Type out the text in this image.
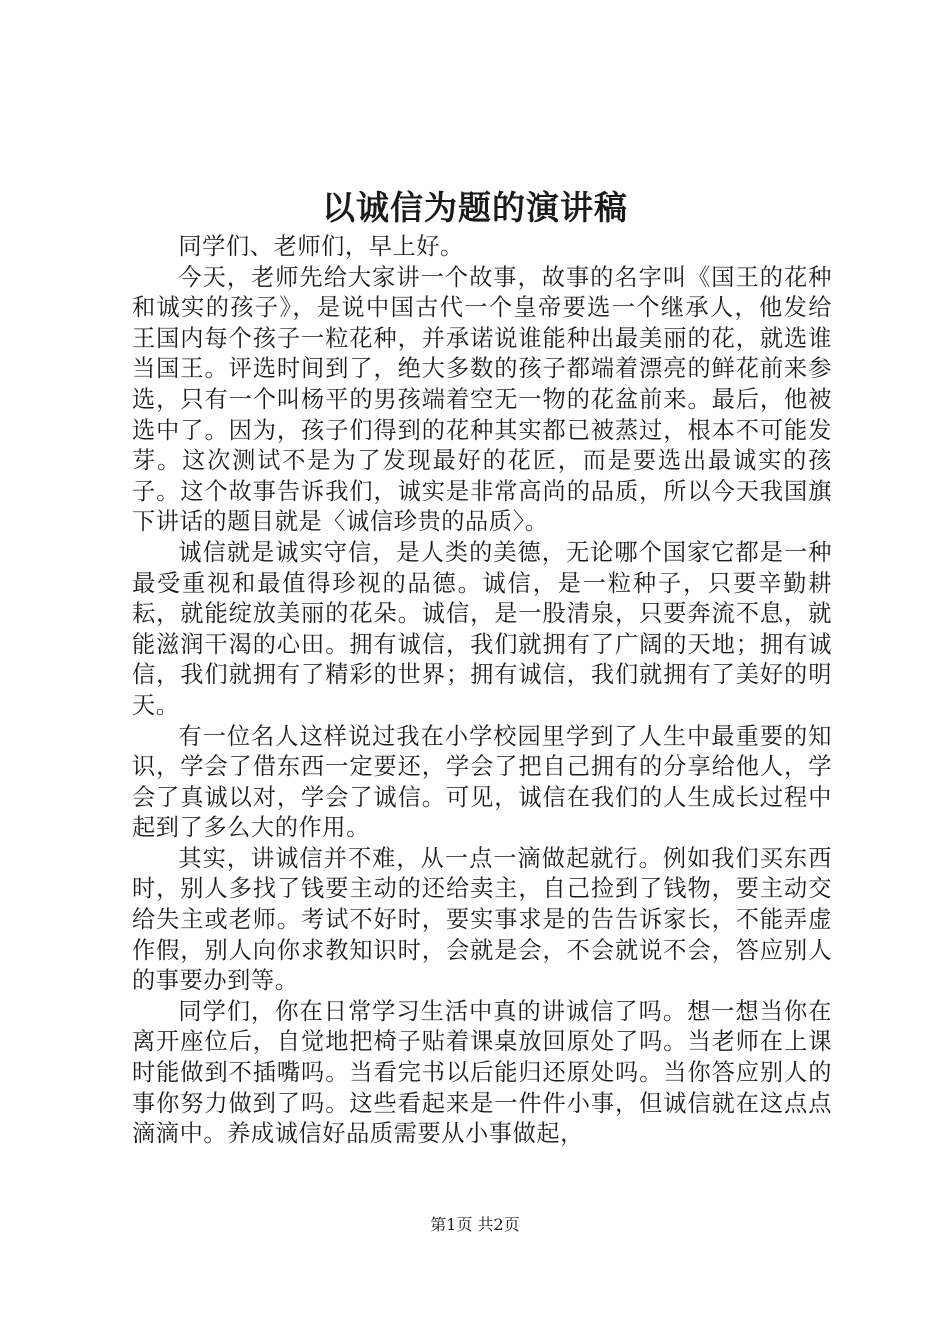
以诚信为题的演讲稿

同学们、老师们，早上好。

今天，老师先给大家讲一个故事，故事的名字叫《国王的花种和诚实的孩子》，是说中国古代一个皇帝要选一个继承人，他发给王国内每个孩子一粒花种，并承诺说谁能种出最美丽的花，就选谁当国王。评选时间到了，绝大多数的孩子都端着漂亮的鲜花前来参选，只有一个叫杨平的男孩端着空无一物的花盆前来。最后，他被选中了。因为，孩子们得到的花种其实都已被蒸过，根本不可能发芽。这次测试不是为了发现最好的花匠，而是要选出最诚实的孩子。这个故事告诉我们，诚实是非常高尚的品质，所以今天我国旗下讲话的题目就是〈诚信珍贵的品质〉。

诚信就是诚实守信，是人类的美德，无论哪个国家它都是一种最受重视和最值得珍视的品德。诚信，是一粒种子，只要辛勤耕耘，就能绽放美丽的花朵。诚信，是一股清泉，只要奔流不息，就能滋润干渴的心田。拥有诚信，我们就拥有了广阔的天地；拥有诚信，我们就拥有了精彩的世界；拥有诚信，我们就拥有了美好的明天。

有一位名人这样说过我在小学校园里学到了人生中最重要的知识，学会了借东西一定要还，学会了把自己拥有的分享给他人，学会了真诚以对，学会了诚信。可见，诚信在我们的人生成长过程中起到了多么大的作用。

其实，讲诚信并不难，从一点一滴做起就行。例如我们买东西时，别人多找了钱要主动的还给卖主，自己捡到了钱物，要主动交给失主或老师。考试不好时，要实事求是的告告诉家长，不能弄虚作假，别人向你求教知识时，会就是会，不会就说不会，答应别人的事要办到等。

同学们，你在日常学习生活中真的讲诚信了吗。想一想当你在离开座位后，自觉地把椅子贴着课桌放回原处了吗。当老师在上课时能做到不插嘴吗。当看完书以后能归还原处吗。当你答应别人的事你努力做到了吗。这些看起来是一件件小事，但诚信就在这点点滴滴中。养成诚信好品质需要从小事做起，

第1页 共2页
